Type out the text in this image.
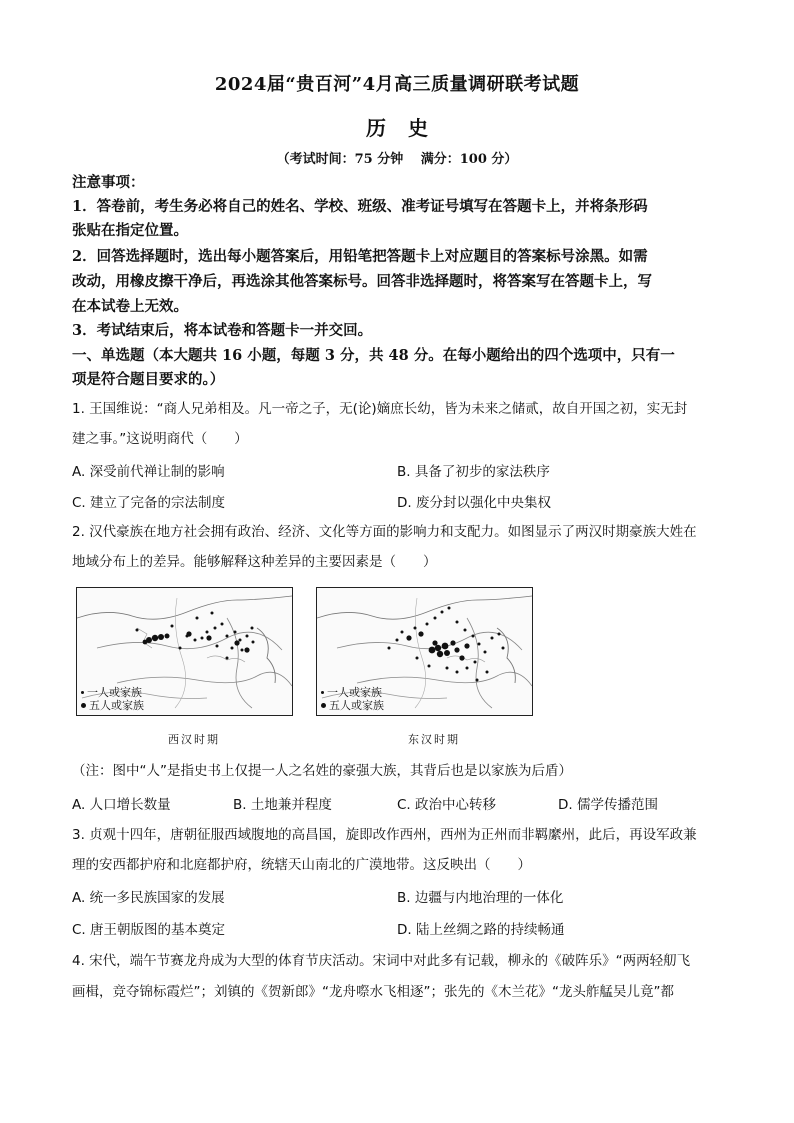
2024届“贵百河”4月高三质量调研联考试题
历史
（考试时间：75 分钟　 满分：100 分）
注意事项：
1．答卷前，考生务必将自己的姓名、学校、班级、准考证号填写在答题卡上，并将条形码
张贴在指定位置。
2．回答选择题时，选出每小题答案后，用铅笔把答题卡上对应题目的答案标号涂黑。如需
改动，用橡皮擦干净后，再选涂其他答案标号。回答非选择题时，将答案写在答题卡上，写
在本试卷上无效。
3．考试结束后，将本试卷和答题卡一并交回。
一、单选题（本大题共 16 小题，每题 3 分，共 48 分。在每小题给出的四个选项中，只有一
项是符合题目要求的。）
1. 王国维说：“商人兄弟相及。凡一帝之子，无(论)嫡庶长幼，皆为未来之储贰，故自开国之初，实无封
建之事。”这说明商代（　　）
A. 深受前代禅让制的影响	B. 具备了初步的家法秩序
C. 建立了完备的宗法制度	D. 废分封以强化中央集权
2. 汉代豪族在地方社会拥有政治、经济、文化等方面的影响力和支配力。如图显示了两汉时期豪族大姓在
地域分布上的差异。能够解释这种差异的主要因素是（　　）
一人或家族
五人或家族
一人或家族
五人或家族
西汉时期	东汉时期
（注：图中“人”是指史书上仅提一人之名姓的豪强大族，其背后也是以家族为后盾）
A. 人口增长数量	B. 土地兼并程度	C. 政治中心转移	D. 儒学传播范围
3. 贞观十四年，唐朝征服西域腹地的高昌国，旋即改作西州，西州为正州而非羁縻州，此后，再设军政兼
理的安西都护府和北庭都护府，统辖天山南北的广漠地带。这反映出（　　）
A. 统一多民族国家的发展	B. 边疆与内地治理的一体化
C. 唐王朝版图的基本奠定	D. 陆上丝绸之路的持续畅通
4. 宋代，端午节赛龙舟成为大型的体育节庆活动。宋词中对此多有记载，柳永的《破阵乐》“两两轻舠飞
画楫，竞夺锦标霞烂”；刘镇的《贺新郎》“龙舟㗫水飞相逐”；张先的《木兰花》“龙头舴艋吴儿竟”都
